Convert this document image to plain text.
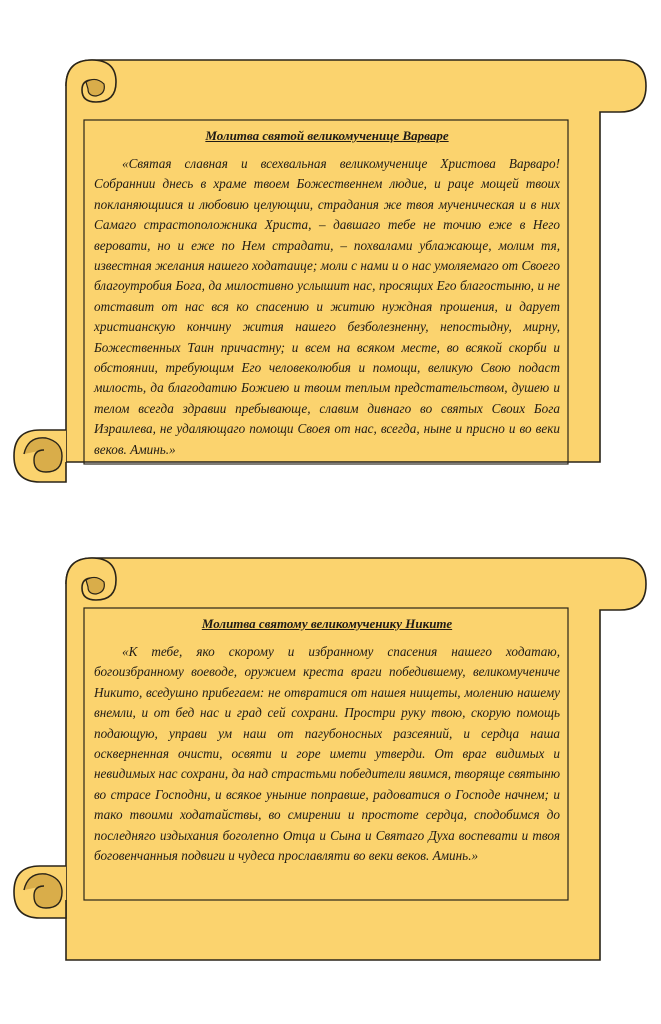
Молитва святой великомученице Варваре

«Святая славная и всехвальная великомученице Христова Варваро! Собраннии днесь в храме твоем Божественнем людие, и раце мощей твоих покланяющиися и любовию целующии, страдания же твоя мученическая и в них Самаго страстоположника Христа, – давшаго тебе не точию еже в Него веровати, но и еже по Нем страдати, – похвалами ублажающе, молим тя, известная желания нашего ходатаице; моли с нами и о нас умоляемаго от Своего благоутробия Бога, да милостивно услышит нас, просящих Его благостыню, и не отставит от нас вся ко спасению и житию нуждная прошения, и дарует христианскую кончину жития нашего безболезненну, непостыдну, мирну, Божественных Таин причастну; и всем на всяком месте, во всякой скорби и обстоянии, требующим Его человеколюбия и помощи, великую Свою подаст милость, да благодатию Божиею и твоим теплым предстательством, душею и телом всегда здравии пребывающе, славим дивнаго во святых Своих Бога Израилева, не удаляющаго помощи Своея от нас, всегда, ныне и присно и во веки веков. Аминь.»

Молитва святому великомученику Никите

«К тебе, яко скорому и избранному спасения нашего ходатаю, богоизбранному воеводе, оружием креста враги победившему, великомучениче Никито, вседушно прибегаем: не отвратися от нашея нищеты, молению нашему внемли, и от бед нас и град сей сохрани. Простри руку твою, скорую помощь подающую, управи ум наш от пагубоносных разсеяний, и сердца наша оскверненная очисти, освяти и горе имети утверди. От враг видимых и невидимых нас сохрани, да над страстьми победители явимся, творяще святыню во страсе Господни, и всякое уныние поправше, радоватися о Господе начнем; и тако твоими ходатайствы, во смирении и простоте сердца, сподобимся до последняго издыхания боголепно Отца и Сына и Святаго Духа воспевати и твоя боговенчанныя подвиги и чудеса прославляти во веки веков. Аминь.»
